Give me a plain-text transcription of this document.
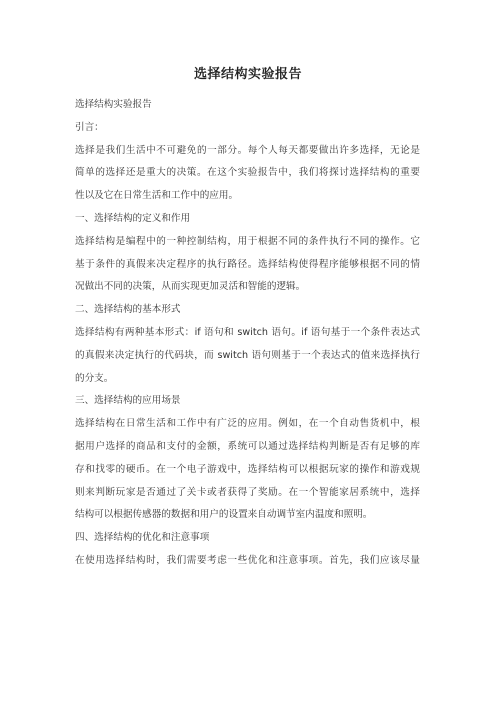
选择结构实验报告
选择结构实验报告
引言：
选择是我们生活中不可避免的一部分。每个人每天都要做出许多选择，无论是
简单的选择还是重大的决策。在这个实验报告中，我们将探讨选择结构的重要
性以及它在日常生活和工作中的应用。
一、选择结构的定义和作用
选择结构是编程中的一种控制结构，用于根据不同的条件执行不同的操作。它
基于条件的真假来决定程序的执行路径。选择结构使得程序能够根据不同的情
况做出不同的决策，从而实现更加灵活和智能的逻辑。
二、选择结构的基本形式
选择结构有两种基本形式：if 语句和 switch 语句。if 语句基于一个条件表达式
的真假来决定执行的代码块，而 switch 语句则基于一个表达式的值来选择执行
的分支。
三、选择结构的应用场景
选择结构在日常生活和工作中有广泛的应用。例如，在一个自动售货机中，根
据用户选择的商品和支付的金额，系统可以通过选择结构判断是否有足够的库
存和找零的硬币。在一个电子游戏中，选择结构可以根据玩家的操作和游戏规
则来判断玩家是否通过了关卡或者获得了奖励。在一个智能家居系统中，选择
结构可以根据传感器的数据和用户的设置来自动调节室内温度和照明。
四、选择结构的优化和注意事项
在使用选择结构时，我们需要考虑一些优化和注意事项。首先，我们应该尽量
